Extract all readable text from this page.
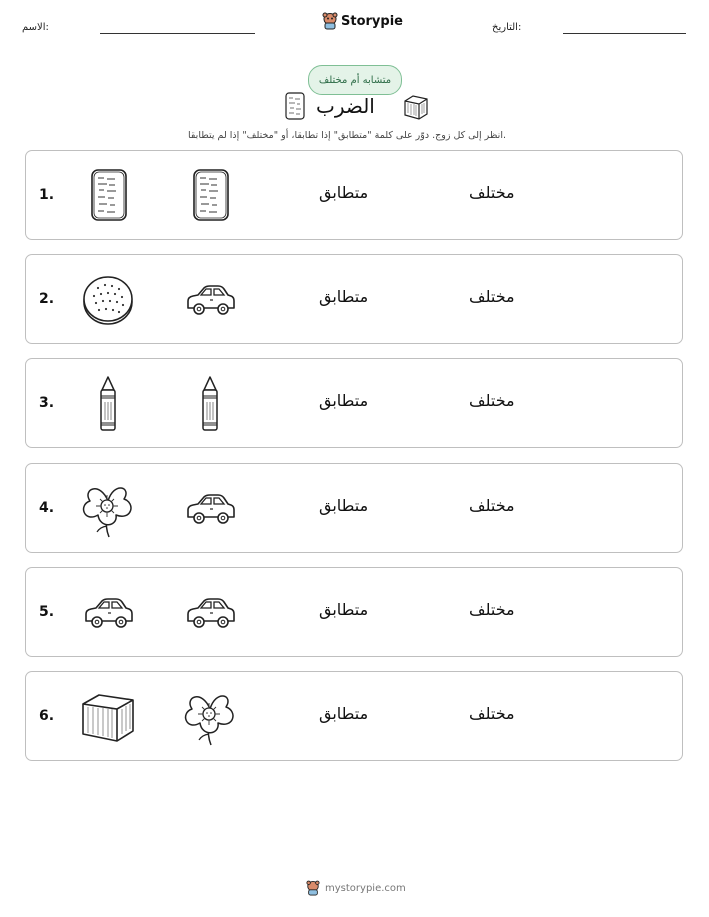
الاسم:	Storypie	التاريخ:
متشابه أم مختلف
الضرب
انظر إلى كل زوج. دوّر على كلمة "متطابق" إذا تطابقا، أو "مختلف" إذا لم يتطابقا.
1.	متطابق	مختلف
2.	متطابق	مختلف
3.	متطابق	مختلف
4.	متطابق	مختلف
5.	متطابق	مختلف
6.	متطابق	مختلف
mystorypie.com
